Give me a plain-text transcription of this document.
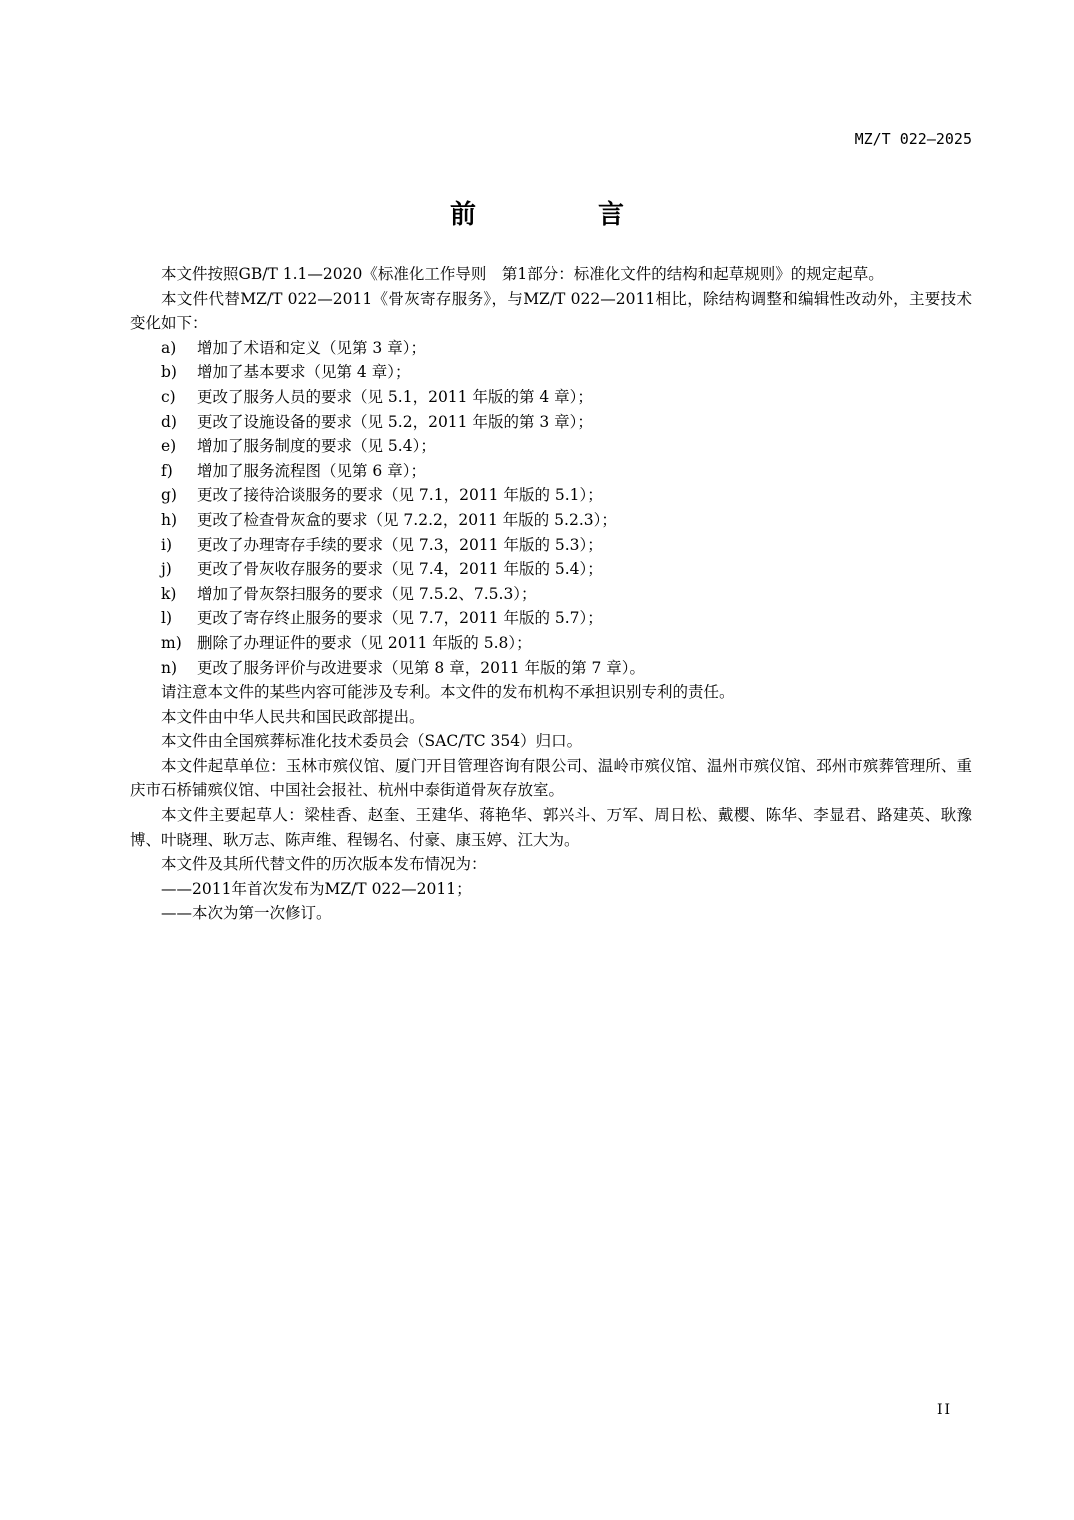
MZ/T 022—2025
前　言

本文件按照GB/T 1.1—2020《标准化工作导则　第1部分：标准化文件的结构和起草规则》的规定起草。

本文件代替MZ/T 022—2011《骨灰寄存服务》，与MZ/T 022—2011相比，除结构调整和编辑性改动外，主要技术变化如下：

a) 增加了术语和定义（见第 3 章）；
b) 增加了基本要求（见第 4 章）；
c) 更改了服务人员的要求（见 5.1，2011 年版的第 4 章）；
d) 更改了设施设备的要求（见 5.2，2011 年版的第 3 章）；
e) 增加了服务制度的要求（见 5.4）；
f) 增加了服务流程图（见第 6 章）；
g) 更改了接待洽谈服务的要求（见 7.1，2011 年版的 5.1）；
h) 更改了检查骨灰盒的要求（见 7.2.2，2011 年版的 5.2.3）；
i) 更改了办理寄存手续的要求（见 7.3，2011 年版的 5.3）；
j) 更改了骨灰收存服务的要求（见 7.4，2011 年版的 5.4）；
k) 增加了骨灰祭扫服务的要求（见 7.5.2、7.5.3）；
l) 更改了寄存终止服务的要求（见 7.7，2011 年版的 5.7）；
m) 删除了办理证件的要求（见 2011 年版的 5.8）；
n) 更改了服务评价与改进要求（见第 8 章，2011 年版的第 7 章）。

请注意本文件的某些内容可能涉及专利。本文件的发布机构不承担识别专利的责任。

本文件由中华人民共和国民政部提出。

本文件由全国殡葬标准化技术委员会（SAC/TC 354）归口。

本文件起草单位：玉林市殡仪馆、厦门开目管理咨询有限公司、温岭市殡仪馆、温州市殡仪馆、邳州市殡葬管理所、重庆市石桥铺殡仪馆、中国社会报社、杭州中泰街道骨灰存放室。

本文件主要起草人：梁桂香、赵奎、王建华、蒋艳华、郭兴斗、万军、周日松、戴樱、陈华、李显君、路建英、耿豫博、叶晓理、耿万志、陈声维、程锡名、付豪、康玉婷、江大为。

本文件及其所代替文件的历次版本发布情况为：

——2011年首次发布为MZ/T 022—2011；

——本次为第一次修订。

II
